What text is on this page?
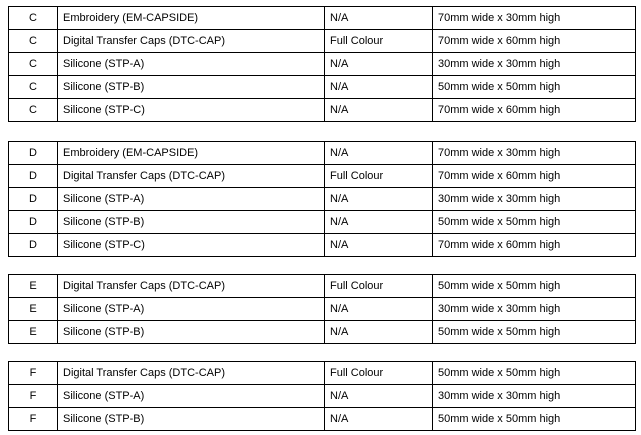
C	Embroidery (EM-CAPSIDE)	N/A	70mm wide x 30mm high
C	Digital Transfer Caps (DTC-CAP)	Full Colour	70mm wide x 60mm high
C	Silicone (STP-A)	N/A	30mm wide x 30mm high
C	Silicone (STP-B)	N/A	50mm wide x 50mm high
C	Silicone (STP-C)	N/A	70mm wide x 60mm high
D	Embroidery (EM-CAPSIDE)	N/A	70mm wide x 30mm high
D	Digital Transfer Caps (DTC-CAP)	Full Colour	70mm wide x 60mm high
D	Silicone (STP-A)	N/A	30mm wide x 30mm high
D	Silicone (STP-B)	N/A	50mm wide x 50mm high
D	Silicone (STP-C)	N/A	70mm wide x 60mm high
E	Digital Transfer Caps (DTC-CAP)	Full Colour	50mm wide x 50mm high
E	Silicone (STP-A)	N/A	30mm wide x 30mm high
E	Silicone (STP-B)	N/A	50mm wide x 50mm high
F	Digital Transfer Caps (DTC-CAP)	Full Colour	50mm wide x 50mm high
F	Silicone (STP-A)	N/A	30mm wide x 30mm high
F	Silicone (STP-B)	N/A	50mm wide x 50mm high
